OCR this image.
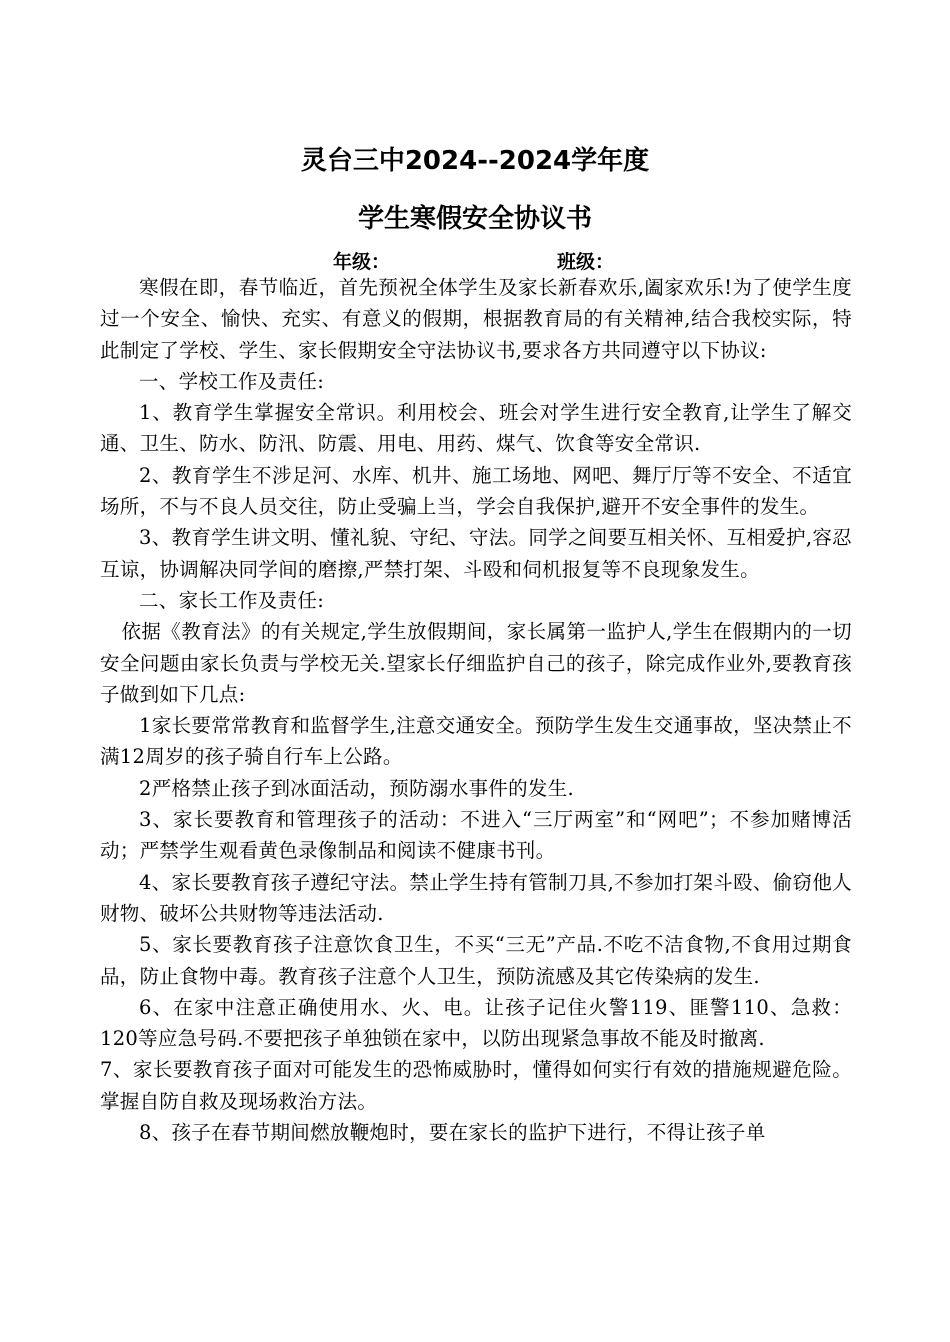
灵台三中2024--2024学年度
学生寒假安全协议书
年级：	班级：

寒假在即，春节临近，首先预祝全体学生及家长新春欢乐,阖家欢乐!为了使学生度过一个安全、愉快、充实、有意义的假期，根据教育局的有关精神,结合我校实际，特此制定了学校、学生、家长假期安全守法协议书,要求各方共同遵守以下协议:

一、学校工作及责任:

1、教育学生掌握安全常识。利用校会、班会对学生进行安全教育,让学生了解交通、卫生、防水、防汛、防震、用电、用药、煤气、饮食等安全常识.

2、教育学生不涉足河、水库、机井、施工场地、网吧、舞厅厅等不安全、不适宜场所，不与不良人员交往，防止受骗上当，学会自我保护,避开不安全事件的发生。

3、教育学生讲文明、懂礼貌、守纪、守法。同学之间要互相关怀、互相爱护,容忍互谅，协调解决同学间的磨擦,严禁打架、斗殴和伺机报复等不良现象发生。

二、家长工作及责任:

依据《教育法》的有关规定,学生放假期间，家长属第一监护人,学生在假期内的一切安全问题由家长负责与学校无关.望家长仔细监护自己的孩子，除完成作业外,要教育孩子做到如下几点:

1家长要常常教育和监督学生,注意交通安全。预防学生发生交通事故，坚决禁止不满12周岁的孩子骑自行车上公路。

2严格禁止孩子到冰面活动，预防溺水事件的发生.

3、家长要教育和管理孩子的活动：不进入“三厅两室”和“网吧”；不参加赌博活动；严禁学生观看黄色录像制品和阅读不健康书刊。

4、家长要教育孩子遵纪守法。禁止学生持有管制刀具,不参加打架斗殴、偷窃他人财物、破坏公共财物等违法活动.

5、家长要教育孩子注意饮食卫生，不买“三无”产品.不吃不洁食物,不食用过期食品，防止食物中毒。教育孩子注意个人卫生，预防流感及其它传染病的发生.

6、在家中注意正确使用水、火、电。让孩子记住火警119、匪警110、急救：120等应急号码.不要把孩子单独锁在家中，以防出现紧急事故不能及时撤离.

7、家长要教育孩子面对可能发生的恐怖威胁时，懂得如何实行有效的措施规避危险。掌握自防自救及现场救治方法。

8、孩子在春节期间燃放鞭炮时，要在家长的监护下进行，不得让孩子单
